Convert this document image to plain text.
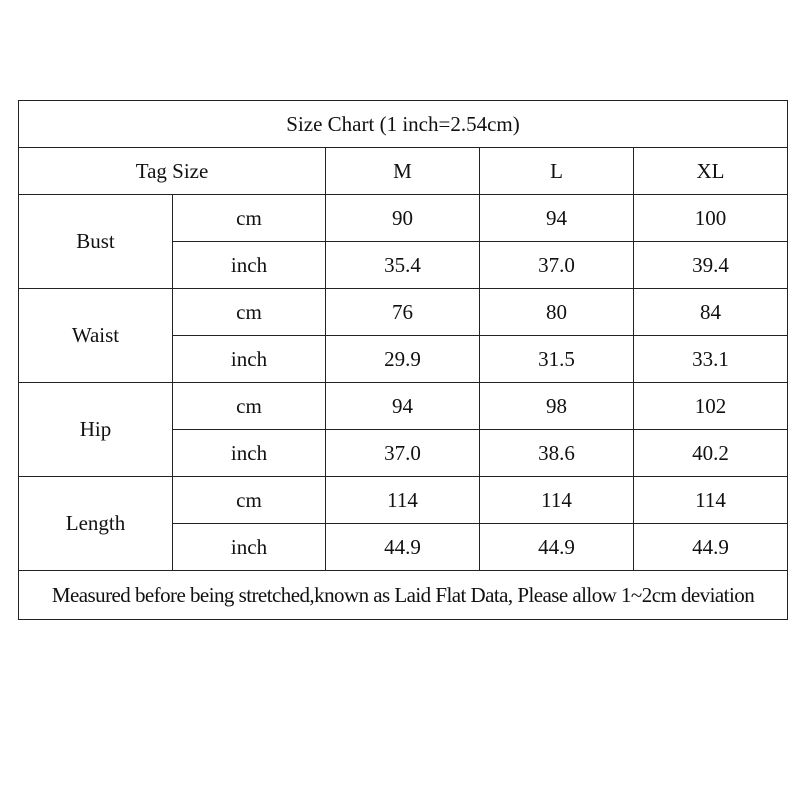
Size Chart (1 inch=2.54cm)				
Tag Size		M	L	XL
Bust	cm	90	94	100
	inch	35.4	37.0	39.4
Waist	cm	76	80	84
	inch	29.9	31.5	33.1
Hip	cm	94	98	102
	inch	37.0	38.6	40.2
Length	cm	114	114	114
	inch	44.9	44.9	44.9
Measured before being stretched,known as Laid Flat Data, Please allow 1~2cm deviation				
